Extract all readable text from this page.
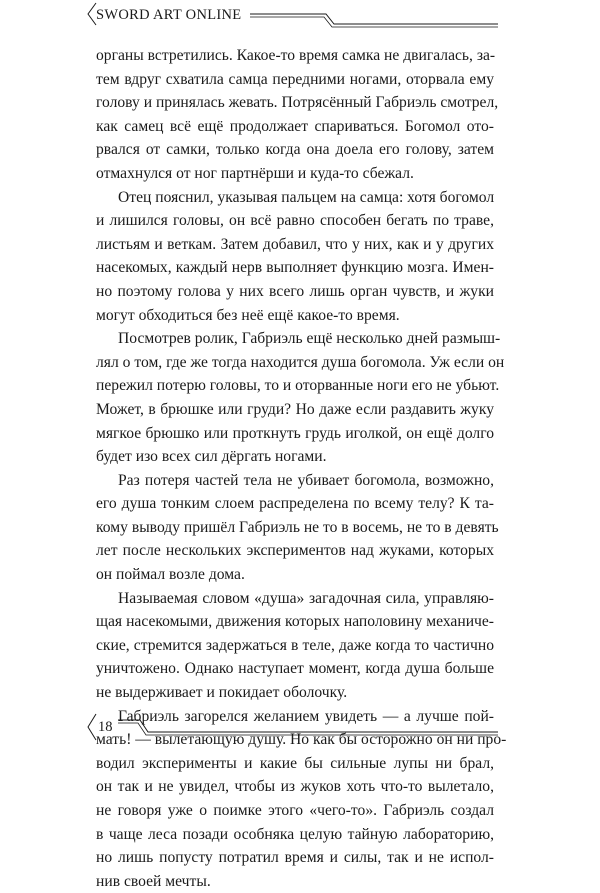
SWORD ART ONLINE
органы встретились. Какое-то время самка не двигалась, за-
тем вдруг схватила самца передними ногами, оторвала ему
голову и принялась жевать. Потрясённый Габриэль смотрел,
как самец всё ещё продолжает спариваться. Богомол ото-
рвался от самки, только когда она доела его голову, затем
отмахнулся от ног партнёрши и куда-то сбежал.
Отец пояснил, указывая пальцем на самца: хотя богомол
и лишился головы, он всё равно способен бегать по траве,
листьям и веткам. Затем добавил, что у них, как и у других
насекомых, каждый нерв выполняет функцию мозга. Имен-
но поэтому голова у них всего лишь орган чувств, и жуки
могут обходиться без неё ещё какое-то время.
Посмотрев ролик, Габриэль ещё несколько дней размыш-
лял о том, где же тогда находится душа богомола. Уж если он
пережил потерю головы, то и оторванные ноги его не убьют.
Может, в брюшке или груди? Но даже если раздавить жуку
мягкое брюшко или проткнуть грудь иголкой, он ещё долго
будет изо всех сил дёргать ногами.
Раз потеря частей тела не убивает богомола, возможно,
его душа тонким слоем распределена по всему телу? К та-
кому выводу пришёл Габриэль не то в восемь, не то в девять
лет после нескольких экспериментов над жуками, которых
он поймал возле дома.
Называемая словом «душа» загадочная сила, управляю-
щая насекомыми, движения которых наполовину механиче-
ские, стремится задержаться в теле, даже когда то частично
уничтожено. Однако наступает момент, когда душа больше
не выдерживает и покидает оболочку.
Габриэль загорелся желанием увидеть — а лучше пой-
мать! — вылетающую душу. Но как бы осторожно он ни про-
водил эксперименты и какие бы сильные лупы ни брал,
он так и не увидел, чтобы из жуков хоть что-то вылетало,
не говоря уже о поимке этого «чего-то». Габриэль создал
в чаще леса позади особняка целую тайную лабораторию,
но лишь попусту потратил время и силы, так и не испол-
нив своей мечты.
18
